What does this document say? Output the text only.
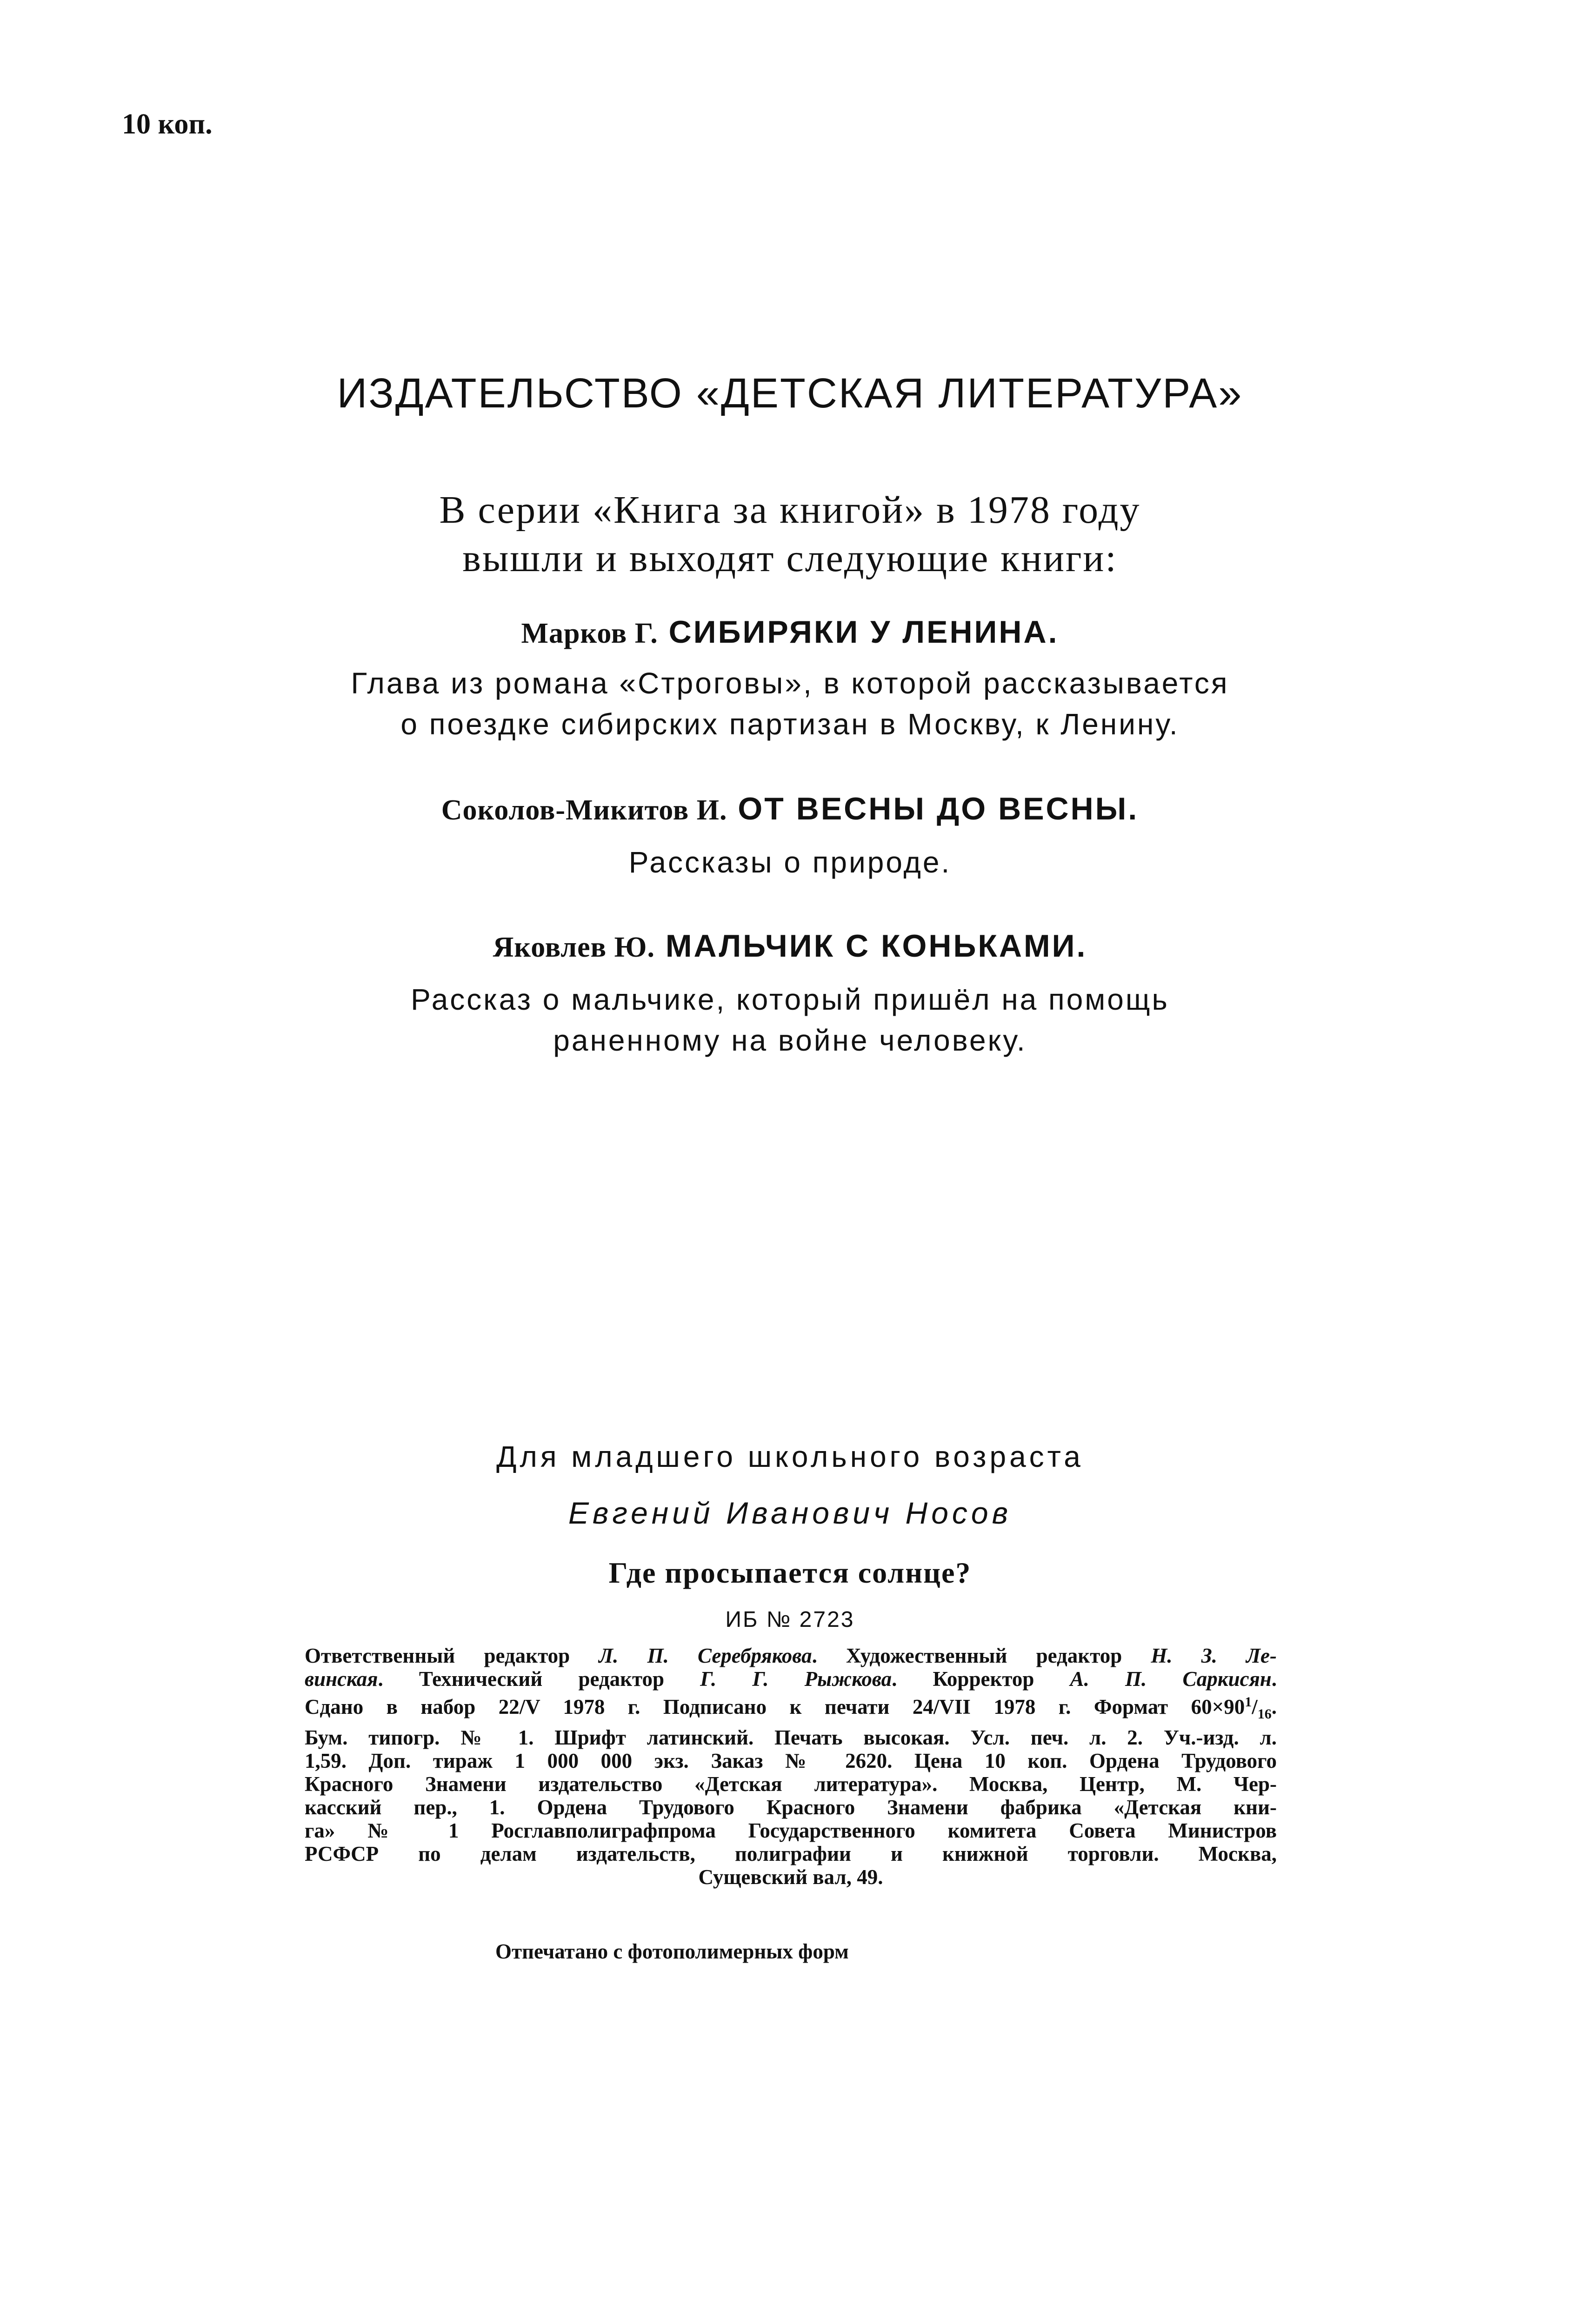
10 коп.
ИЗДАТЕЛЬСТВО «ДЕТСКАЯ ЛИТЕРАТУРА»
В серии «Книга за книгой» в 1978 году
вышли и выходят следующие книги:
Марков Г. СИБИРЯКИ У ЛЕНИНА.
Глава из романа «Строговы», в которой рассказывается
о поездке сибирских партизан в Москву, к Ленину.
Соколов-Микитов И. ОТ ВЕСНЫ ДО ВЕСНЫ.
Рассказы о природе.
Яковлев Ю. МАЛЬЧИК С КОНЬКАМИ.
Рассказ о мальчике, который пришёл на помощь
раненному на войне человеку.
Для младшего школьного возраста
Евгений Иванович Носов
Где просыпается солнце?
ИБ № 2723
Ответственный редактор Л. П. Серебрякова. Художественный редактор Н. З. Ле-
винская. Технический редактор Г. Г. Рыжкова. Корректор А. П. Саркисян.
Сдано в набор 22/V 1978 г. Подписано к печати 24/VII 1978 г. Формат $60\times 90^1/_{16}$.
Бум. типогр. № 1. Шрифт латинский. Печать высокая. Усл. печ. л. 2. Уч.-изд. л.
1,59. Доп. тираж 1 000 000 экз. Заказ № 2620. Цена 10 коп. Ордена Трудового
Красного Знамени издательство «Детская литература». Москва, Центр, М. Чер-
касский пер., 1. Ордена Трудового Красного Знамени фабрика «Детская кни-
га» № 1 Росглавполиграфпрома Государственного комитета Совета Министров
РСФСР по делам издательств, полиграфии и книжной торговли. Москва,
Сущевский вал, 49.
Отпечатано с фотополимерных форм
